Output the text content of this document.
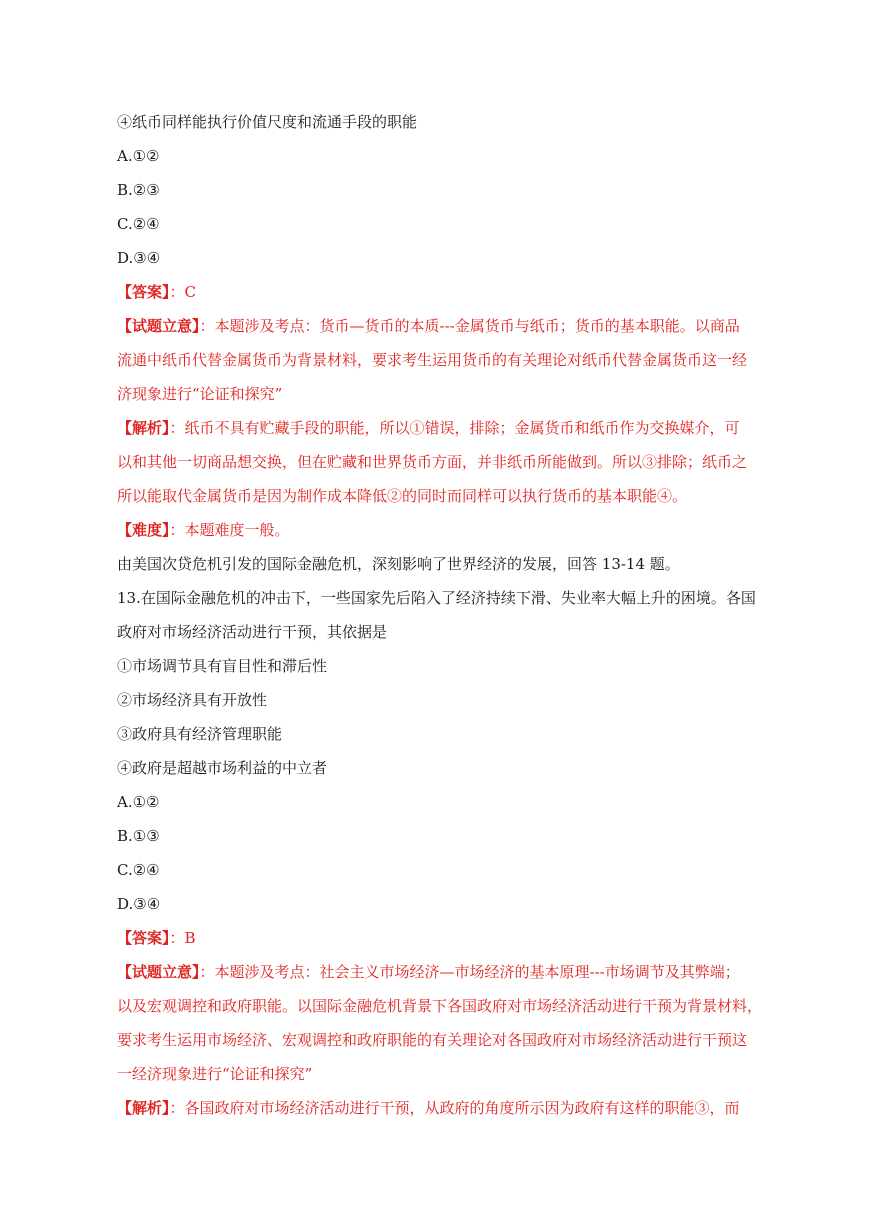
④纸币同样能执行价值尺度和流通手段的职能
A.①②
B.②③
C.②④
D.③④
【答案】：C
【试题立意】：本题涉及考点：货币—货币的本质---金属货币与纸币；货币的基本职能。以商品
流通中纸币代替金属货币为背景材料，要求考生运用货币的有关理论对纸币代替金属货币这一经
济现象进行“论证和探究”
【解析】：纸币不具有贮藏手段的职能，所以①错误，排除；金属货币和纸币作为交换媒介，可
以和其他一切商品想交换，但在贮藏和世界货币方面，并非纸币所能做到。所以③排除；纸币之
所以能取代金属货币是因为制作成本降低②的同时而同样可以执行货币的基本职能④。
【难度】：本题难度一般。
由美国次贷危机引发的国际金融危机，深刻影响了世界经济的发展，回答 13-14 题。
13.在国际金融危机的冲击下，一些国家先后陷入了经济持续下滑、失业率大幅上升的困境。各国
政府对市场经济活动进行干预，其依据是
①市场调节具有盲目性和滞后性
②市场经济具有开放性
③政府具有经济管理职能
④政府是超越市场利益的中立者
A.①②
B.①③
C.②④
D.③④
【答案】：B
【试题立意】：本题涉及考点：社会主义市场经济—市场经济的基本原理---市场调节及其弊端；
以及宏观调控和政府职能。以国际金融危机背景下各国政府对市场经济活动进行干预为背景材料，
要求考生运用市场经济、宏观调控和政府职能的有关理论对各国政府对市场经济活动进行干预这
一经济现象进行“论证和探究”
【解析】：各国政府对市场经济活动进行干预，从政府的角度所示因为政府有这样的职能③，而
